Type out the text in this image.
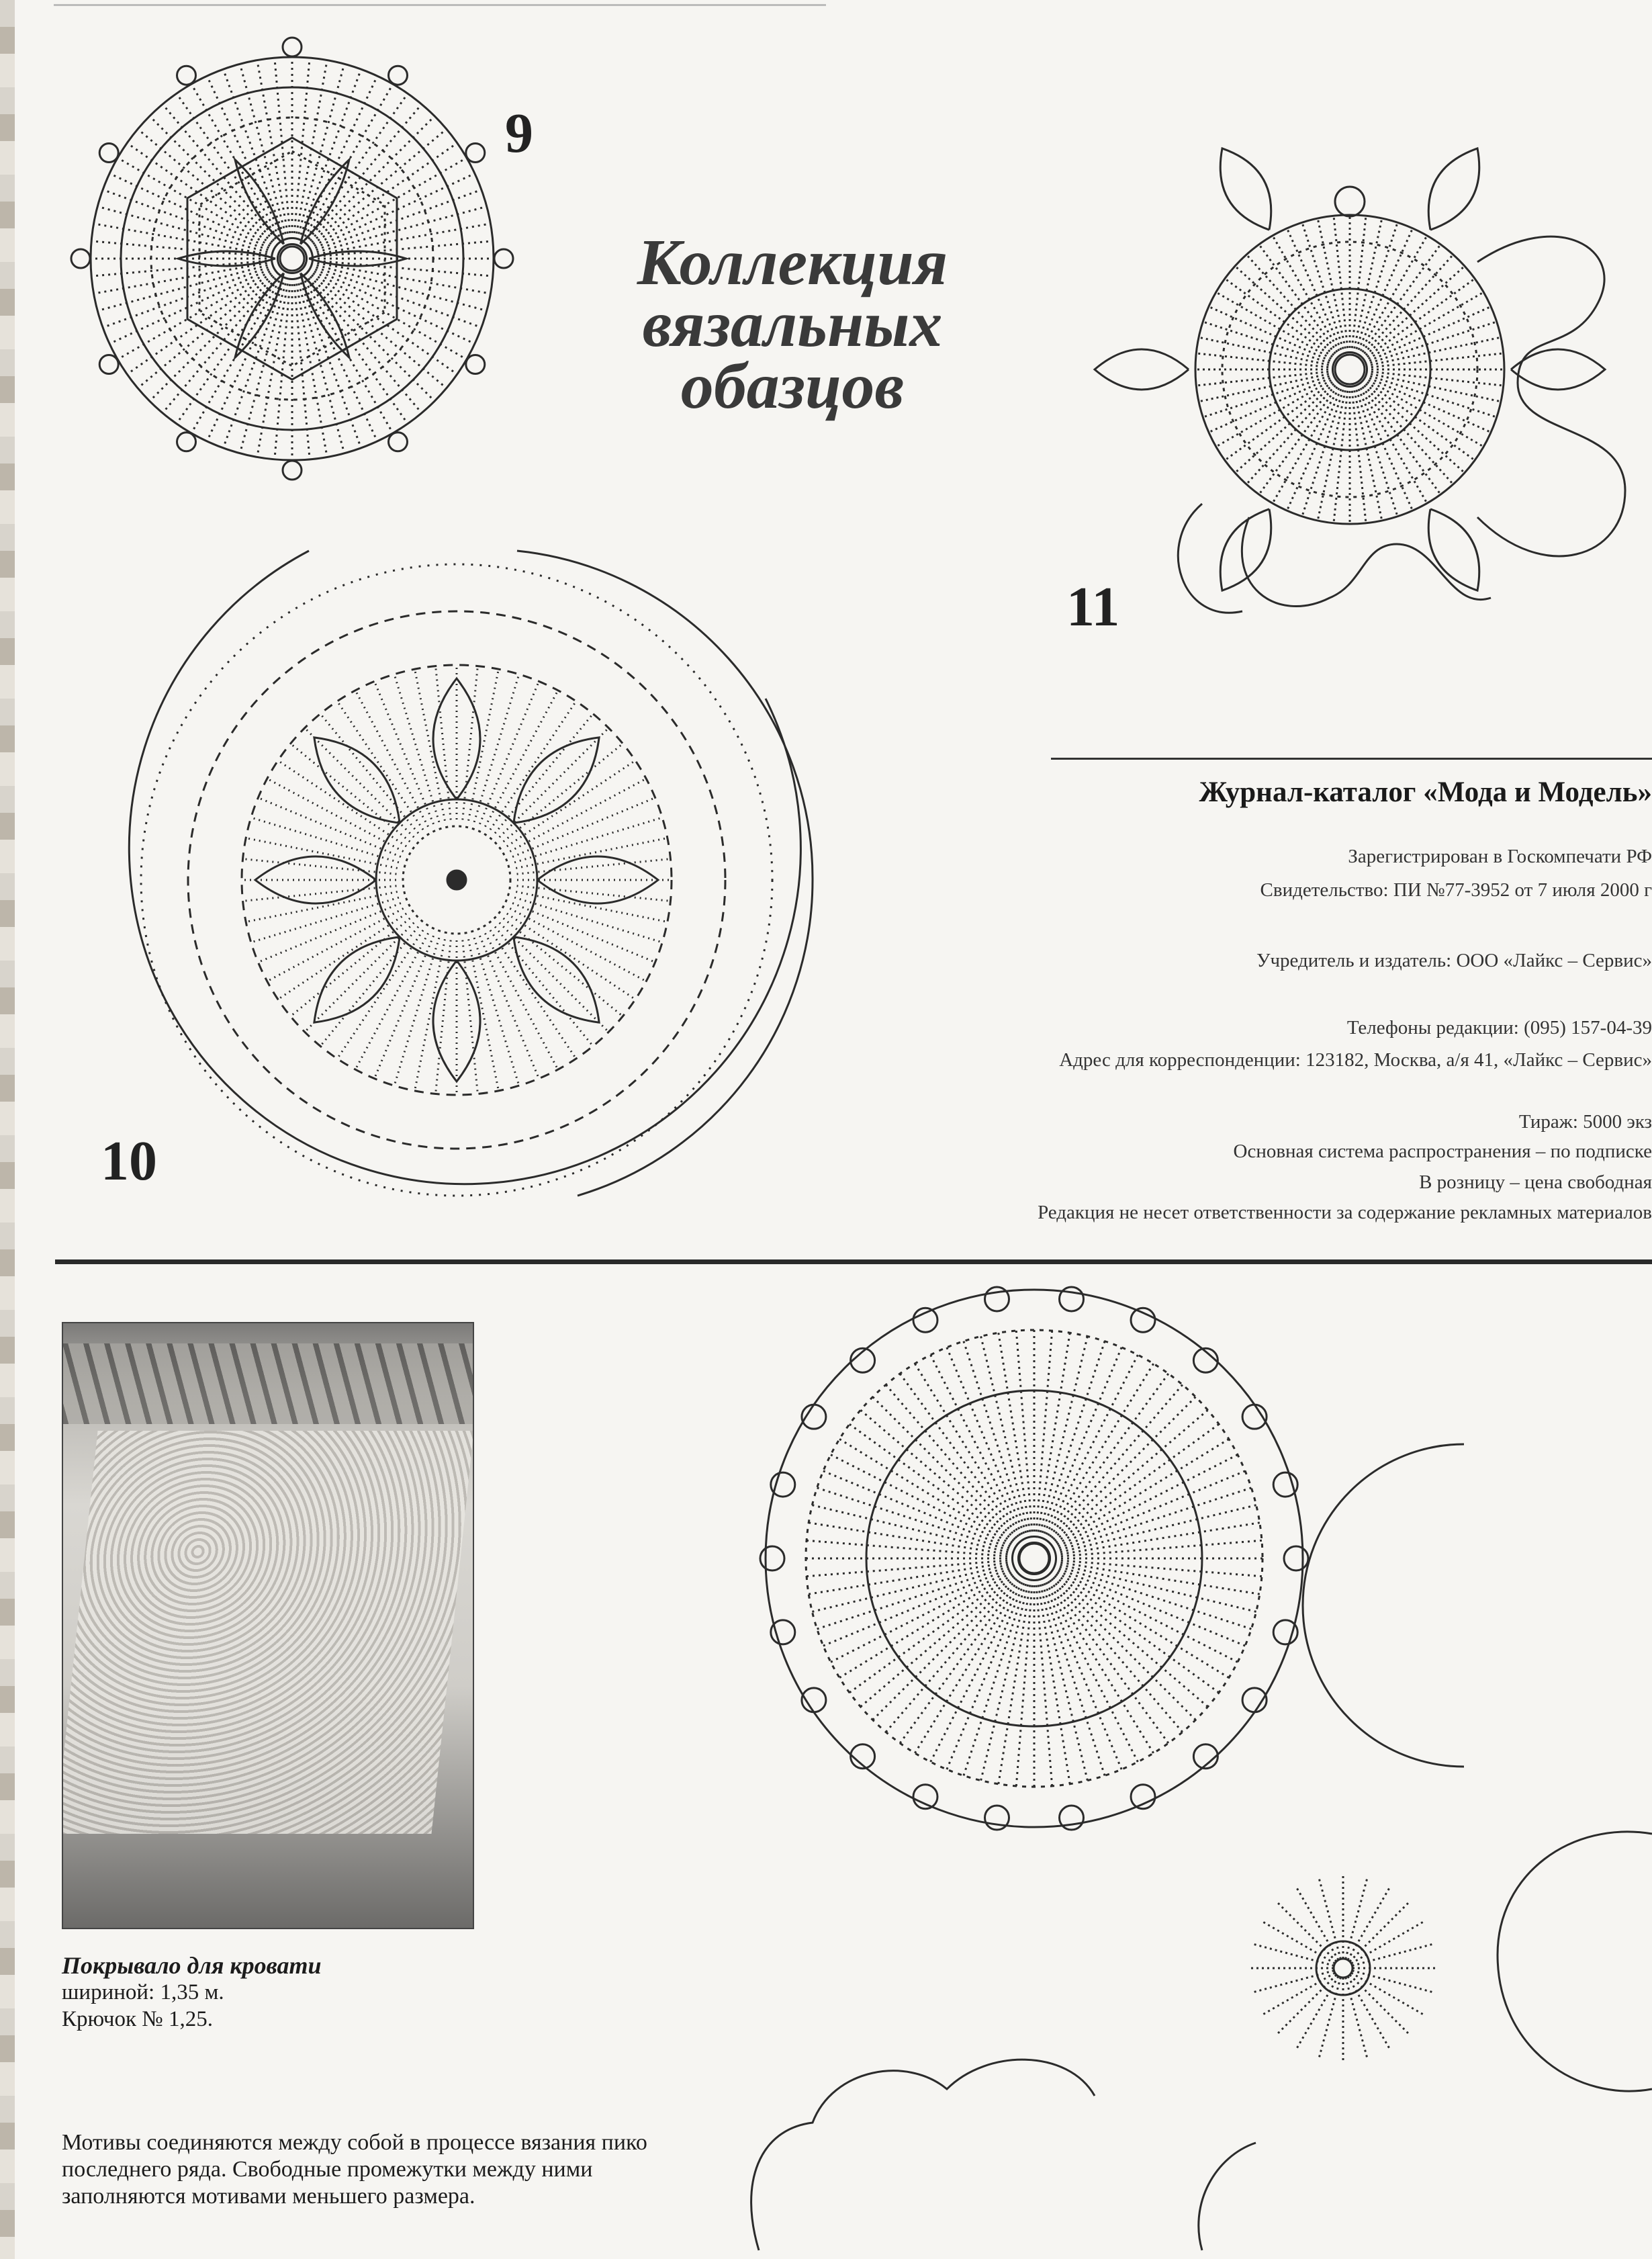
9
Коллекция
вязальных
обазцов
11
10
Журнал-каталог «Мода и Модель»
Зарегистрирован в Госкомпечати РФ
Свидетельство: ПИ №77-3952 от 7 июля 2000 г
Учредитель и издатель: ООО «Лайкс – Сервис»
Телефоны редакции: (095) 157-04-39
Адрес для корреспонденции: 123182, Москва, а/я 41, «Лайкс – Сервис»
Тираж: 5000 экз
Основная система распространения – по подписке
В розницу – цена свободная
Редакция не несет ответственности за содержание рекламных материалов
Покрывало для кровати
шириной: 1,35 м.
Крючок № 1,25.
Мотивы соединяются между собой в процессе вязания пико последнего ряда. Свободные промежутки между ними заполняются мотивами меньшего размера.
